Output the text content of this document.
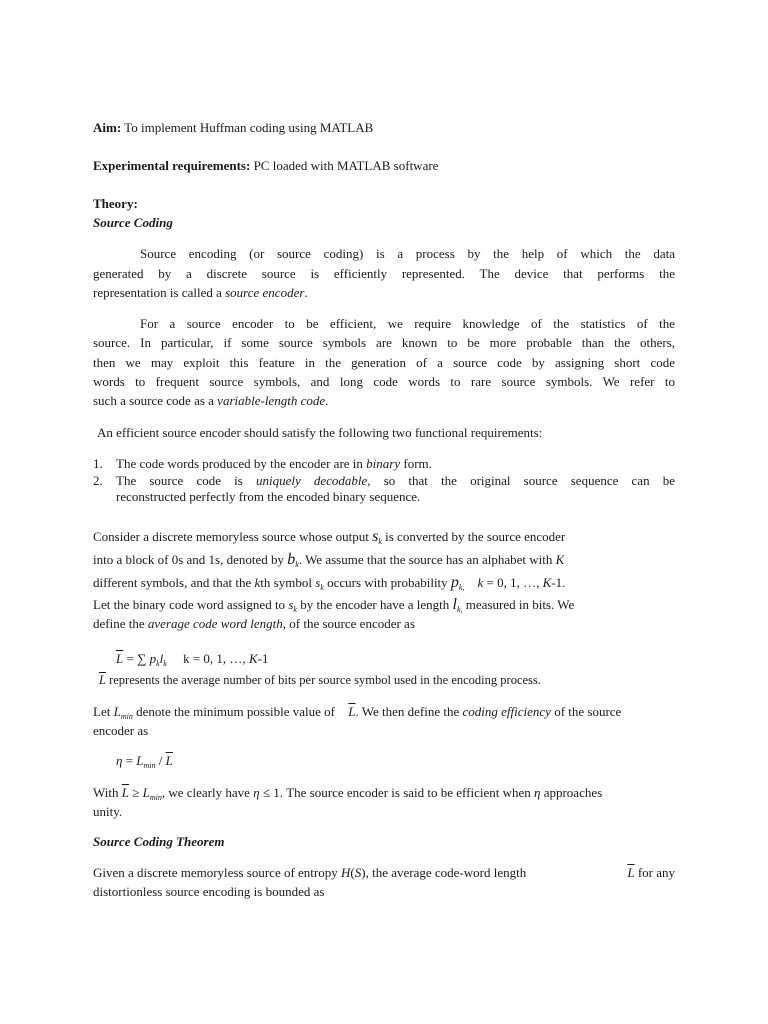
Aim: To implement Huffman coding using MATLAB
Experimental requirements: PC loaded with MATLAB software
Theory:
Source Coding
Source encoding (or source coding) is a process by the help of which the data
generated by a discrete source is efficiently represented. The device that performs the
representation is called a source encoder.
For a source encoder to be efficient, we require knowledge of the statistics of the
source. In particular, if some source symbols are known to be more probable than the others,
then we may exploit this feature in the generation of a source code by assigning short code
words to frequent source symbols, and long code words to rare source symbols. We refer to
such a source code as a variable-length code.
An efficient source encoder should satisfy the following two functional requirements:
1. The code words produced by the encoder are in binary form.
2. The source code is uniquely decodable, so that the original source sequence can be
reconstructed perfectly from the encoded binary sequence.
Consider a discrete memoryless source whose output $s_k$ is converted by the source encoder
into a block of 0s and 1s, denoted by $b_k$. We assume that the source has an alphabet with K
different symbols, and that the kth symbol $s_k$ occurs with probability $p_{k,}$ k = 0, 1, …, K-1.
Let the binary code word assigned to $s_k$ by the encoder have a length $l_{k,}$ measured in bits. We
define the average code word length, of the source encoder as
$\overline{L}$ = ∑ $p_kl_k$     k = 0, 1, …, K-1
$\overline{L}$ represents the average number of bits per source symbol used in the encoding process.
Let $L_{min}$ denote the minimum possible value of $\overline{L}$. We then define the coding efficiency of the source
encoder as
$\eta = L_{min} / \overline{L}$
With $\overline{L} \ge L_{min}$, we clearly have η ≤ 1. The source encoder is said to be efficient when η approaches
unity.
Source Coding Theorem
Given a discrete memoryless source of entropy H(S), the average code-word length	$\overline{L}$ for any
distortionless source encoding is bounded as
